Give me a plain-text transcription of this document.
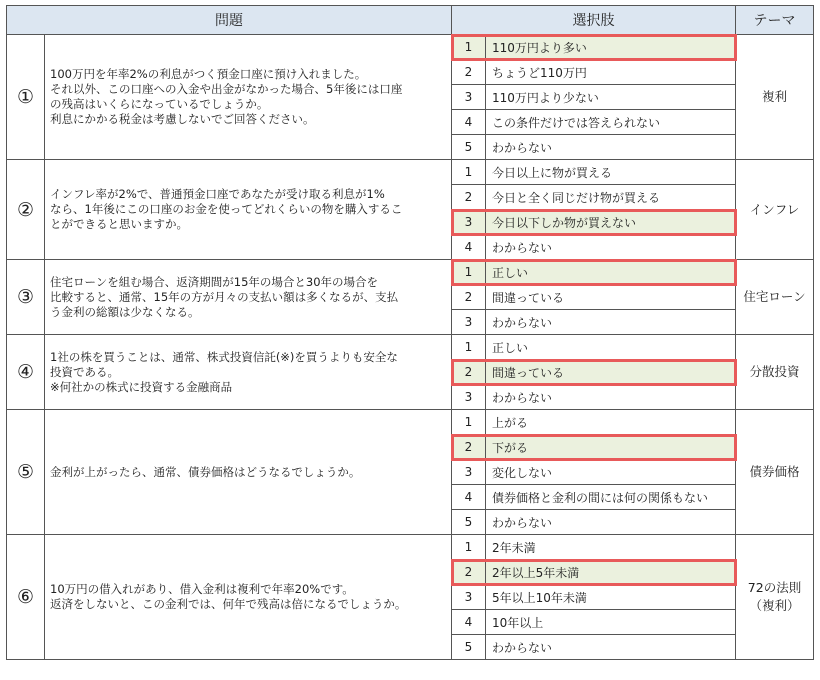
問題		選択肢		テーマ
①	100万円を年率2%の利息がつく預金口座に預け入れました。
それ以外、この口座への入金や出金がなかった場合、5年後には口座
の残高はいくらになっているでしょうか。
利息にかかる税金は考慮しないでご回答ください。	1	110万円より多い	複利

		2	ちょうど110万円	
		3	110万円より少ない	
		4	この条件だけでは答えられない	
		5	わからない	
②	インフレ率が2%で、普通預金口座であなたが受け取る利息が1%
なら、1年後にこの口座のお金を使ってどれくらいの物を購入するこ
とができると思いますか。	1	今日以上に物が買える	インフレ

		2	今日と全く同じだけ物が買える	
		3	今日以下しか物が買えない	
		4	わからない	
③	住宅ローンを組む場合、返済期間が15年の場合と30年の場合を
比較すると、通常、15年の方が月々の支払い額は多くなるが、支払
う金利の総額は少なくなる。	1	正しい	住宅ローン

		2	間違っている	
		3	わからない	
④	1社の株を買うことは、通常、株式投資信託(※)を買うよりも安全な
投資である。
※何社かの株式に投資する金融商品	1	正しい	分散投資

		2	間違っている	
		3	わからない	
⑤	金利が上がったら、通常、債券価格はどうなるでしょうか。	1	上がる	債券価格

		2	下がる	
		3	変化しない	
		4	債券価格と金利の間には何の関係もない	
		5	わからない	
⑥	10万円の借入れがあり、借入金利は複利で年率20%です。
返済をしないと、この金利では、何年で残高は倍になるでしょうか。	1	2年未満	72の法則
（複利）

		2	2年以上5年未満	
		3	5年以上10年未満	
		4	10年以上	
		5	わからない	
